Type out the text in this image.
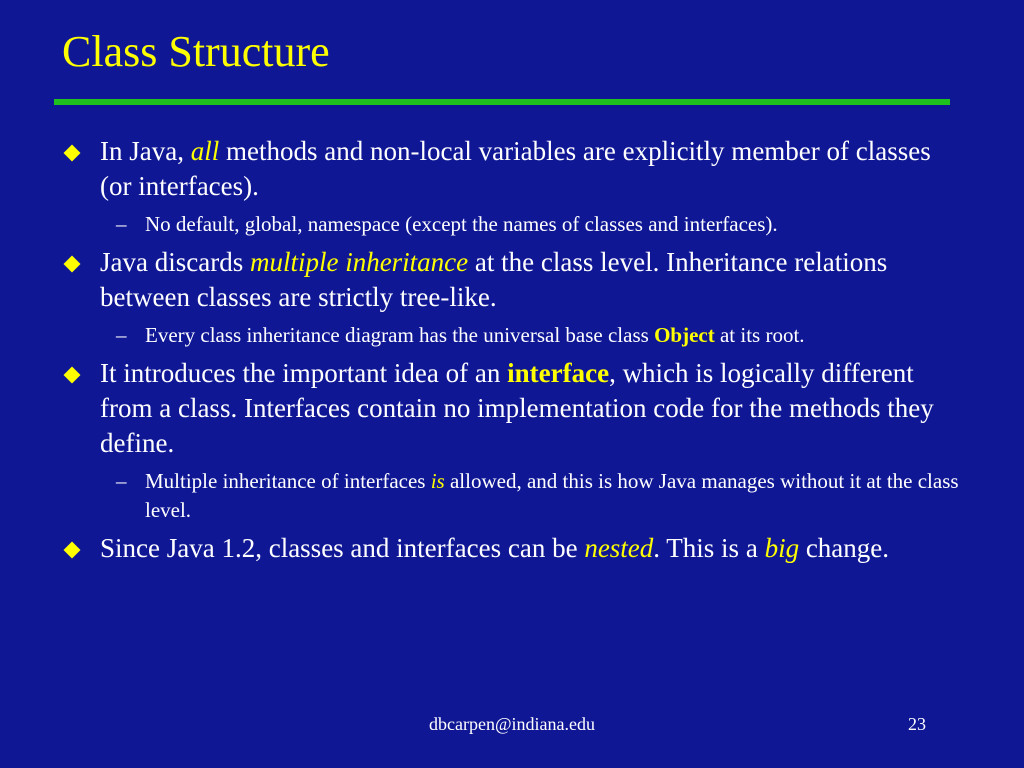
Class Structure
In Java, all methods and non-local variables are explicitly member of classes (or interfaces).
– No default, global, namespace (except the names of classes and interfaces).
Java discards multiple inheritance at the class level. Inheritance relations between classes are strictly tree-like.
– Every class inheritance diagram has the universal base class Object at its root.
It introduces the important idea of an interface, which is logically different from a class. Interfaces contain no implementation code for the methods they define.
– Multiple inheritance of interfaces is allowed, and this is how Java manages without it at the class level.
Since Java 1.2, classes and interfaces can be nested. This is a big change.
dbcarpen@indiana.edu	23
